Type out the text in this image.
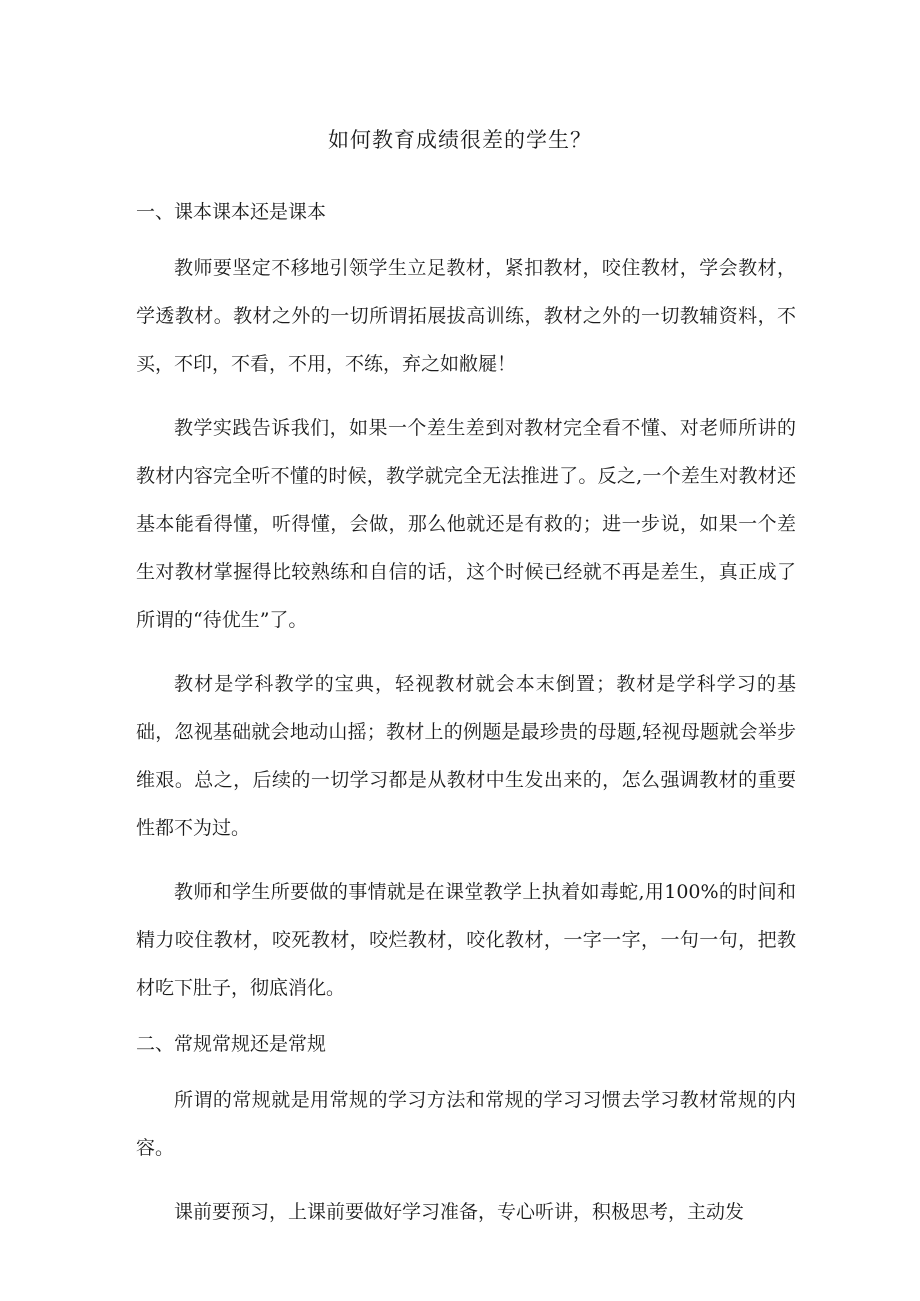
如何教育成绩很差的学生？
一、课本课本还是课本

教师要坚定不移地引领学生立足教材，紧扣教材，咬住教材，学会教材，学透教材。教材之外的一切所谓拓展拔高训练，教材之外的一切教辅资料，不买，不印，不看，不用，不练，弃之如敝屣！

教学实践告诉我们，如果一个差生差到对教材完全看不懂、对老师所讲的教材内容完全听不懂的时候，教学就完全无法推进了。反之,一个差生对教材还基本能看得懂，听得懂，会做，那么他就还是有救的；进一步说，如果一个差生对教材掌握得比较熟练和自信的话，这个时候已经就不再是差生，真正成了所谓的“待优生”了。

教材是学科教学的宝典，轻视教材就会本末倒置；教材是学科学习的基础，忽视基础就会地动山摇；教材上的例题是最珍贵的母题,轻视母题就会举步维艰。总之，后续的一切学习都是从教材中生发出来的，怎么强调教材的重要性都不为过。

教师和学生所要做的事情就是在课堂教学上执着如毒蛇,用100%的时间和精力咬住教材，咬死教材，咬烂教材，咬化教材，一字一字，一句一句，把教材吃下肚子，彻底消化。

二、常规常规还是常规

所谓的常规就是用常规的学习方法和常规的学习习惯去学习教材常规的内容。

课前要预习，上课前要做好学习准备，专心听讲，积极思考，主动发
